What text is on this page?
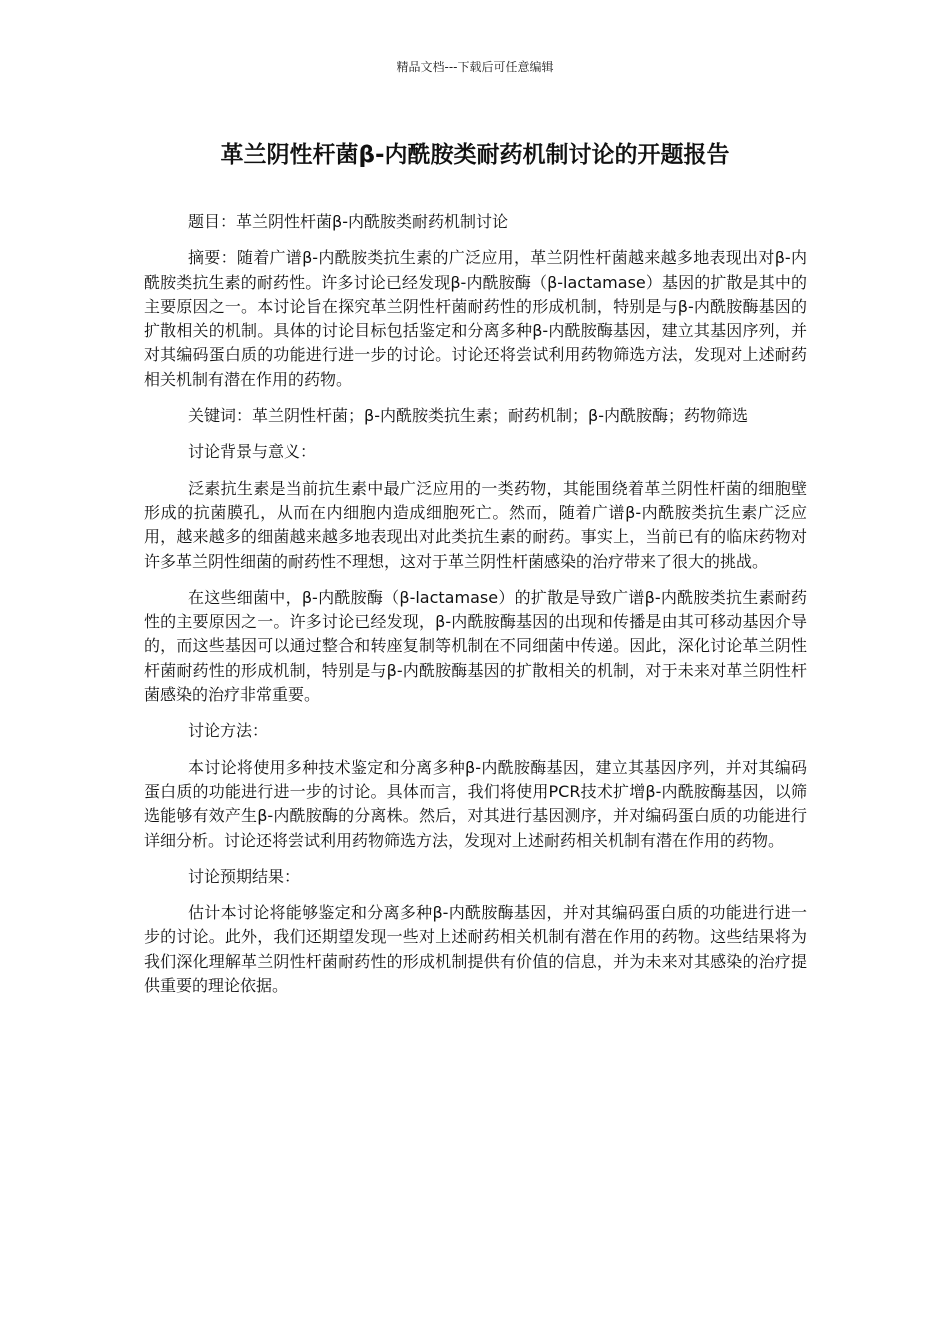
精品文档---下载后可任意编辑
革兰阴性杆菌β-内酰胺类耐药机制讨论的开题报告

题目：革兰阴性杆菌β-内酰胺类耐药机制讨论

摘要：随着广谱β-内酰胺类抗生素的广泛应用，革兰阴性杆菌越来越多地表现出对β-内酰胺类抗生素的耐药性。许多讨论已经发现β-内酰胺酶（β-lactamase）基因的扩散是其中的主要原因之一。本讨论旨在探究革兰阴性杆菌耐药性的形成机制，特别是与β-内酰胺酶基因的扩散相关的机制。具体的讨论目标包括鉴定和分离多种β-内酰胺酶基因，建立其基因序列，并对其编码蛋白质的功能进行进一步的讨论。讨论还将尝试利用药物筛选方法，发现对上述耐药相关机制有潜在作用的药物。

关键词：革兰阴性杆菌；β-内酰胺类抗生素；耐药机制；β-内酰胺酶；药物筛选

讨论背景与意义：

泛素抗生素是当前抗生素中最广泛应用的一类药物，其能围绕着革兰阴性杆菌的细胞壁形成的抗菌膜孔，从而在内细胞内造成细胞死亡。然而，随着广谱β-内酰胺类抗生素广泛应用，越来越多的细菌越来越多地表现出对此类抗生素的耐药。事实上，当前已有的临床药物对许多革兰阴性细菌的耐药性不理想，这对于革兰阴性杆菌感染的治疗带来了很大的挑战。

在这些细菌中，β-内酰胺酶（β-lactamase）的扩散是导致广谱β-内酰胺类抗生素耐药性的主要原因之一。许多讨论已经发现，β-内酰胺酶基因的出现和传播是由其可移动基因介导的，而这些基因可以通过整合和转座复制等机制在不同细菌中传递。因此，深化讨论革兰阴性杆菌耐药性的形成机制，特别是与β-内酰胺酶基因的扩散相关的机制，对于未来对革兰阴性杆菌感染的治疗非常重要。

讨论方法：

本讨论将使用多种技术鉴定和分离多种β-内酰胺酶基因，建立其基因序列，并对其编码蛋白质的功能进行进一步的讨论。具体而言，我们将使用PCR技术扩增β-内酰胺酶基因，以筛选能够有效产生β-内酰胺酶的分离株。然后，对其进行基因测序，并对编码蛋白质的功能进行详细分析。讨论还将尝试利用药物筛选方法，发现对上述耐药相关机制有潜在作用的药物。

讨论预期结果：

估计本讨论将能够鉴定和分离多种β-内酰胺酶基因，并对其编码蛋白质的功能进行进一步的讨论。此外，我们还期望发现一些对上述耐药相关机制有潜在作用的药物。这些结果将为我们深化理解革兰阴性杆菌耐药性的形成机制提供有价值的信息，并为未来对其感染的治疗提供重要的理论依据。
